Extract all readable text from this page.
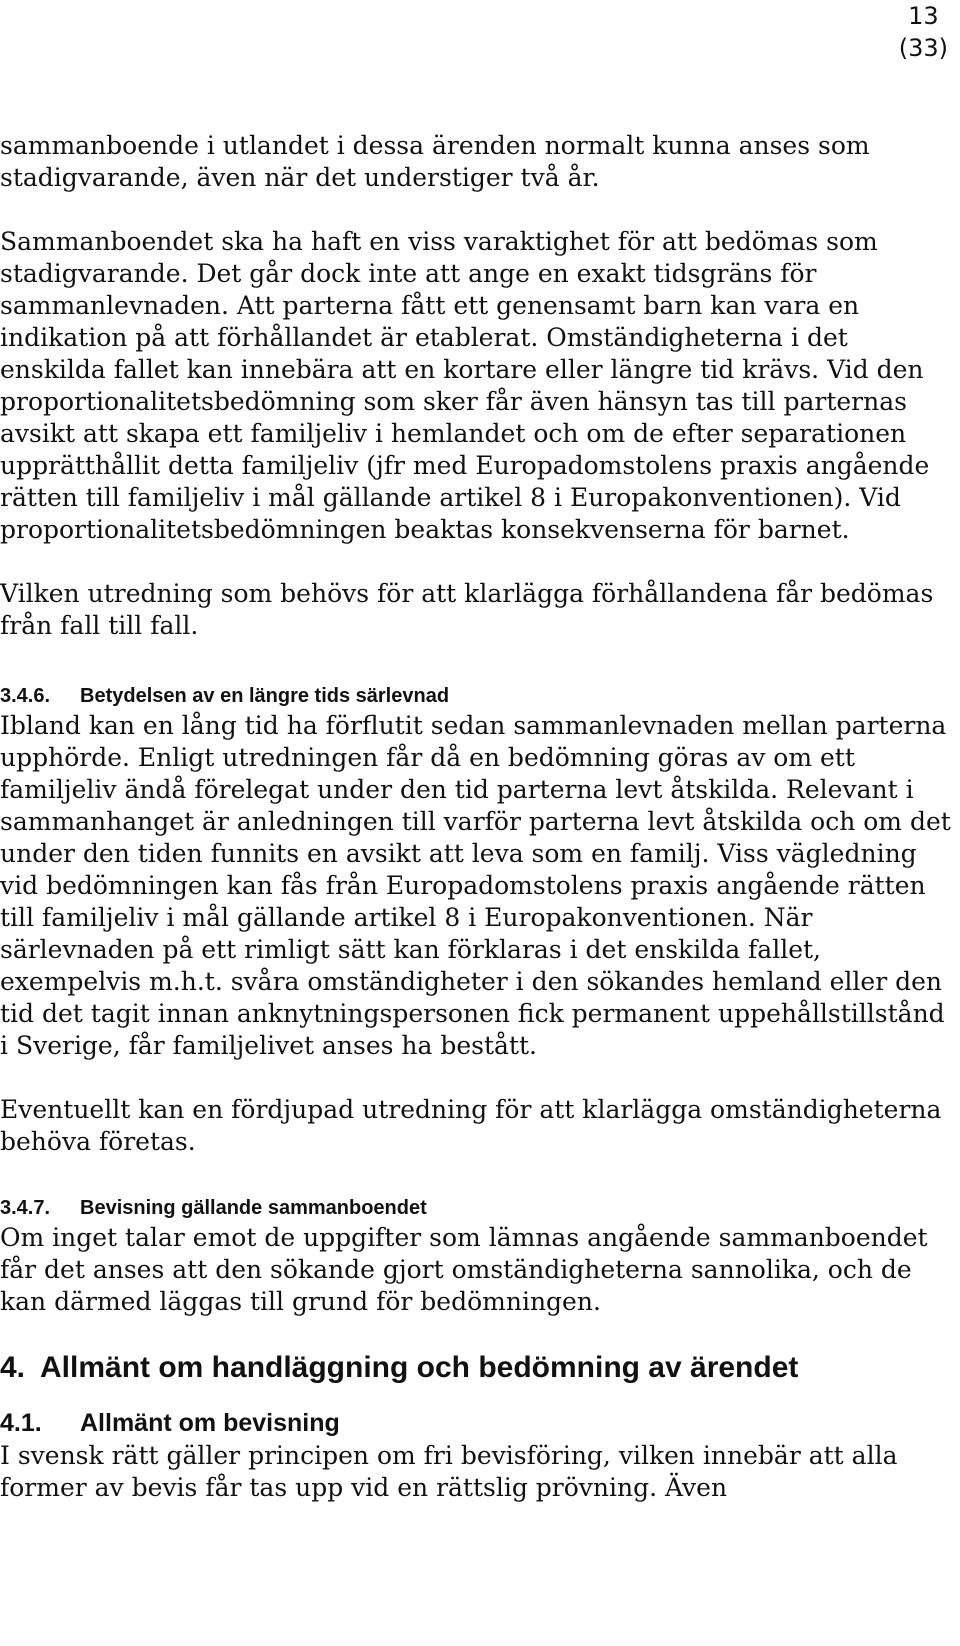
13
(33)

sammanboende i utlandet i dessa ärenden normalt kunna anses som stadigvarande, även när det understiger två år.

Sammanboendet ska ha haft en viss varaktighet för att bedömas som stadigvarande. Det går dock inte att ange en exakt tidsgräns för sammanlevnaden. Att parterna fått ett genensamt barn kan vara en indikation på att förhållandet är etablerat. Omständigheterna i det enskilda fallet kan innebära att en kortare eller längre tid krävs. Vid den proportionalitetsbedömning som sker får även hänsyn tas till parternas avsikt att skapa ett familjeliv i hemlandet och om de efter separationen upprätthållit detta familjeliv (jfr med Europadomstolens praxis angående rätten till familjeliv i mål gällande artikel 8 i Europakonventionen). Vid proportionalitetsbedömningen beaktas konsekvenserna för barnet.

Vilken utredning som behövs för att klarlägga förhållandena får bedömas från fall till fall.

3.4.6.	Betydelsen av en längre tids särlevnad

Ibland kan en lång tid ha förflutit sedan sammanlevnaden mellan parterna upphörde. Enligt utredningen får då en bedömning göras av om ett familjeliv ändå förelegat under den tid parterna levt åtskilda. Relevant i sammanhanget är anledningen till varför parterna levt åtskilda och om det under den tiden funnits en avsikt att leva som en familj. Viss vägledning vid bedömningen kan fås från Europadomstolens praxis angående rätten till familjeliv i mål gällande artikel 8 i Europakonventionen. När särlevnaden på ett rimligt sätt kan förklaras i det enskilda fallet, exempelvis m.h.t. svåra omständigheter i den sökandes hemland eller den tid det tagit innan anknytningspersonen fick permanent uppehållstillstånd i Sverige, får familjelivet anses ha bestått.

Eventuellt kan en fördjupad utredning för att klarlägga omständigheterna behöva företas.

3.4.7.	Bevisning gällande sammanboendet

Om inget talar emot de uppgifter som lämnas angående sammanboendet får det anses att den sökande gjort omständigheterna sannolika, och de kan därmed läggas till grund för bedömningen.

4. Allmänt om handläggning och bedömning av ärendet
4.1.	Allmänt om bevisning

I svensk rätt gäller principen om fri bevisföring, vilken innebär att alla former av bevis får tas upp vid en rättslig prövning. Även
